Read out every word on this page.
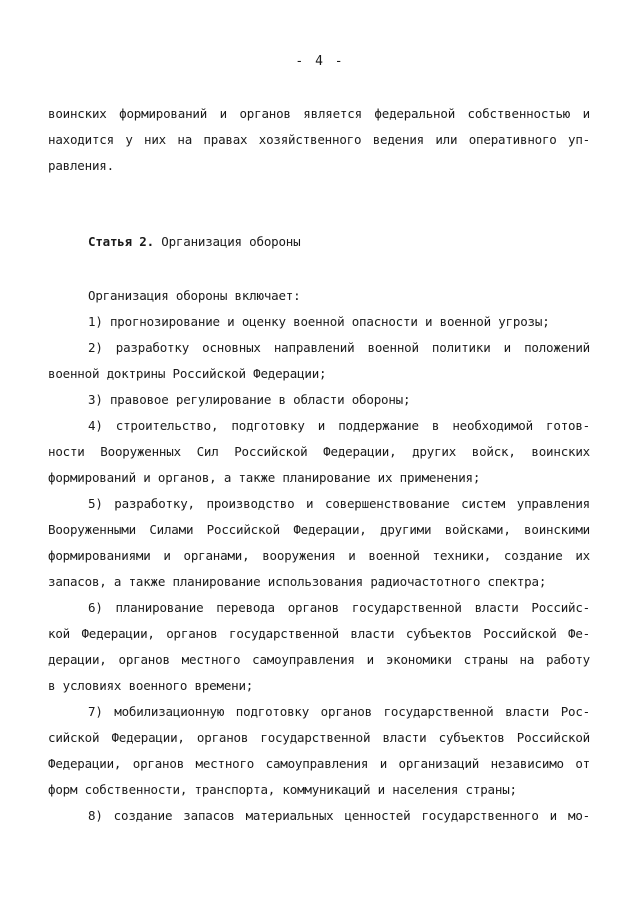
- 4 -
воинских формирований и органов является федеральной собственностью и
находится у них на правах хозяйственного ведения или оперативного уп-
равления.
Статья 2. Организация обороны
Организация обороны включает:
1) прогнозирование и оценку военной опасности и военной угрозы;
2) разработку основных направлений военной политики и положений
военной доктрины Российской Федерации;
3) правовое регулирование в области обороны;
4) строительство, подготовку и поддержание в необходимой готов-
ности Вооруженных Сил Российской Федерации, других войск, воинских
формирований и органов, а также планирование их применения;
5) разработку, производство и совершенствование систем управления
Вооруженными Силами Российской Федерации, другими войсками, воинскими
формированиями и органами, вооружения и военной техники, создание их
запасов, а также планирование использования радиочастотного спектра;
6) планирование перевода органов государственной власти Российс-
кой Федерации, органов государственной власти субъектов Российской Фе-
дерации, органов местного самоуправления и экономики страны на работу
в условиях военного времени;
7) мобилизационную подготовку органов государственной власти Рос-
сийской Федерации, органов государственной власти субъектов Российской
Федерации, органов местного самоуправления и организаций независимо от
форм собственности, транспорта, коммуникаций и населения страны;
8) создание запасов материальных ценностей государственного и мо-
